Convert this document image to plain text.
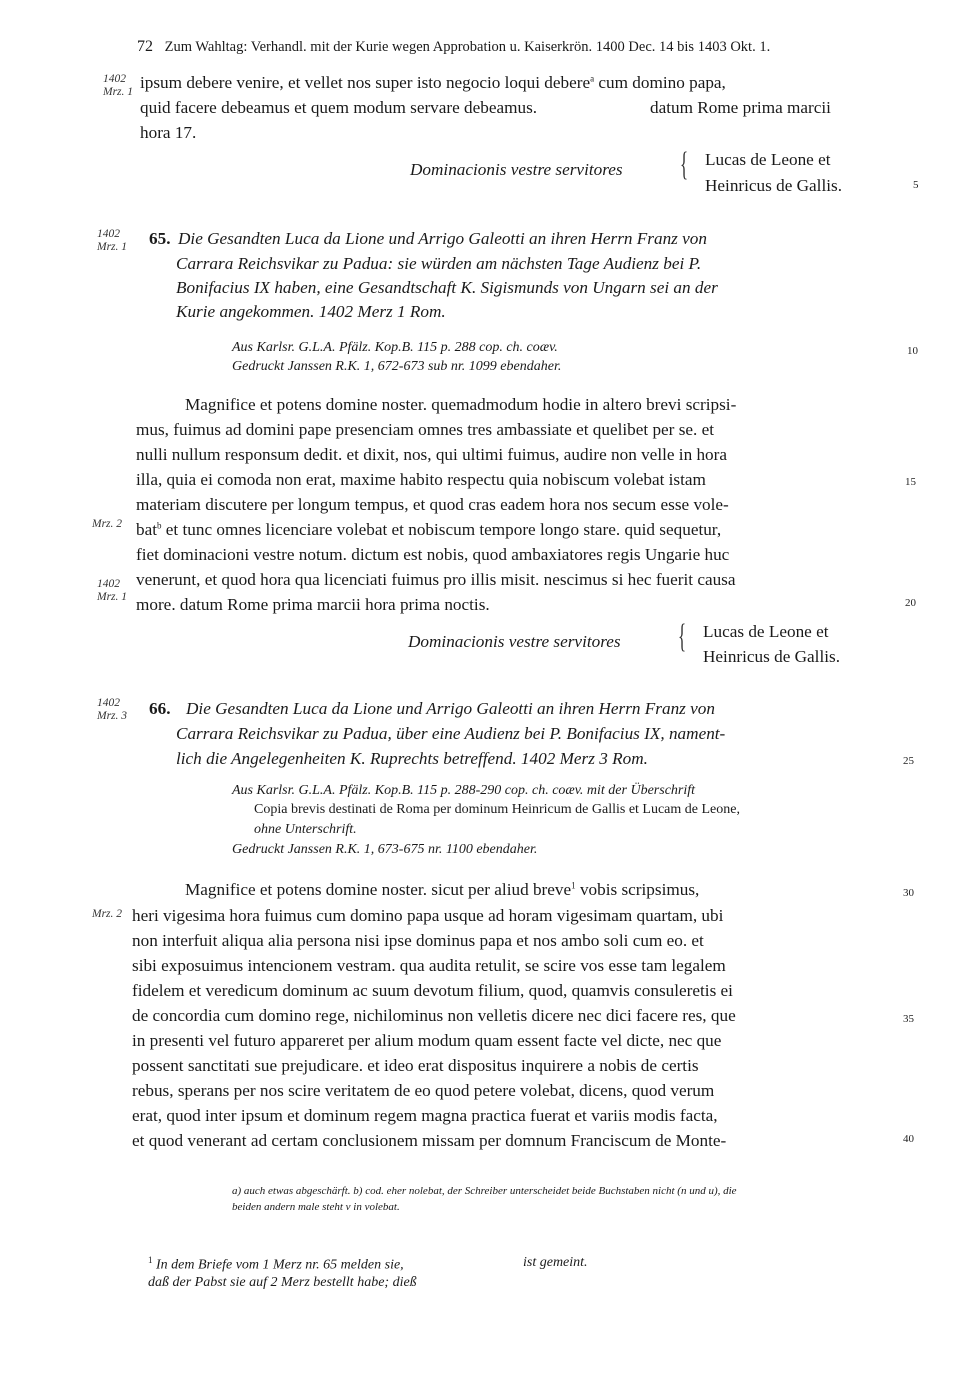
72 Zum Wahltag: Verhandl. mit der Kurie wegen Approbation u. Kaiserkrön. 1400 Dec. 14 bis 1403 Okt. 1.
1402
Mrz. 1
1402
Mrz. 1
Mrz. 2
1402
Mrz. 1
1402
Mrz. 3
Mrz. 2
5
10
15
20
25
30
35
40
ipsum debere venire, et vellet nos super isto negocio loqui debere$^a$ cum domino papa,
quid facere debeamus et quem modum servare debeamus.	datum Rome prima marcii
hora 17.
Dominacionis vestre servitores { Lucas de Leone et
Heinricus de Gallis.
65. Die Gesandten Luca da Lione und Arrigo Galeotti an ihren Herrn Franz von
Carrara Reichsvikar zu Padua: sie würden am nächsten Tage Audienz bei P.
Bonifacius IX haben, eine Gesandtschaft K. Sigismunds von Ungarn sei an der
Kurie angekommen. 1402 Merz 1 Rom.
Aus Karlsr. G.L.A. Pfälz. Kop.B. 115 p. 288 cop. ch. coæv.
Gedruckt Janssen R.K. 1, 672-673 sub nr. 1099 ebendaher.
Magnifice et potens domine noster. quemadmodum hodie in altero brevi scripsi-
mus, fuimus ad domini pape presenciam omnes tres ambassiate et quelibet per se. et
nulli nullum responsum dedit. et dixit, nos, qui ultimi fuimus, audire non velle in hora
illa, quia ei comoda non erat, maxime habito respectu quia nobiscum volebat istam
materiam discutere per longum tempus, et quod cras eadem hora nos secum esse vole-
bat$^b$ et tunc omnes licenciare volebat et nobiscum tempore longo stare. quid sequetur,
fiet dominacioni vestre notum. dictum est nobis, quod ambaxiatores regis Ungarie huc
venerunt, et quod hora qua licenciati fuimus pro illis misit. nescimus si hec fuerit causa
more. datum Rome prima marcii hora prima noctis.
Dominacionis vestre servitores { Lucas de Leone et
Heinricus de Gallis.
66. Die Gesandten Luca da Lione und Arrigo Galeotti an ihren Herrn Franz von
Carrara Reichsvikar zu Padua, über eine Audienz bei P. Bonifacius IX, nament-
lich die Angelegenheiten K. Ruprechts betreffend. 1402 Merz 3 Rom.
Aus Karlsr. G.L.A. Pfälz. Kop.B. 115 p. 288-290 cop. ch. coæv. mit der Überschrift
Copia brevis destinati de Roma per dominum Heinricum de Gallis et Lucam de Leone,
ohne Unterschrift.
Gedruckt Janssen R.K. 1, 673-675 nr. 1100 ebendaher.
Magnifice et potens domine noster. sicut per aliud breve$^1$ vobis scripsimus,
heri vigesima hora fuimus cum domino papa usque ad horam vigesimam quartam, ubi
non interfuit aliqua alia persona nisi ipse dominus papa et nos ambo soli cum eo. et
sibi exposuimus intencionem vestram. qua audita retulit, se scire vos esse tam legalem
fidelem et veredicum dominum ac suum devotum filium, quod, quamvis consuleretis ei
de concordia cum domino rege, nichilominus non velletis dicere nec dici facere res, que
in presenti vel futuro appareret per alium modum quam essent facte vel dicte, nec que
possent sanctitati sue prejudicare. et ideo erat dispositus inquirere a nobis de certis
rebus, sperans per nos scire veritatem de eo quod petere volebat, dicens, quod verum
erat, quod inter ipsum et dominum regem magna practica fuerat et variis modis facta,
et quod venerant ad certam conclusionem missam per domnum Franciscum de Monte-
a) auch etwas abgeschärft. b) cod. eher nolebat, der Schreiber unterscheidet beide Buchstaben nicht (n und u), die
beiden andern male steht v in volebat.
$^1$ In dem Briefe vom 1 Merz nr. 65 melden sie,	ist gemeint.
daß der Pabst sie auf 2 Merz bestellt habe; dieß
